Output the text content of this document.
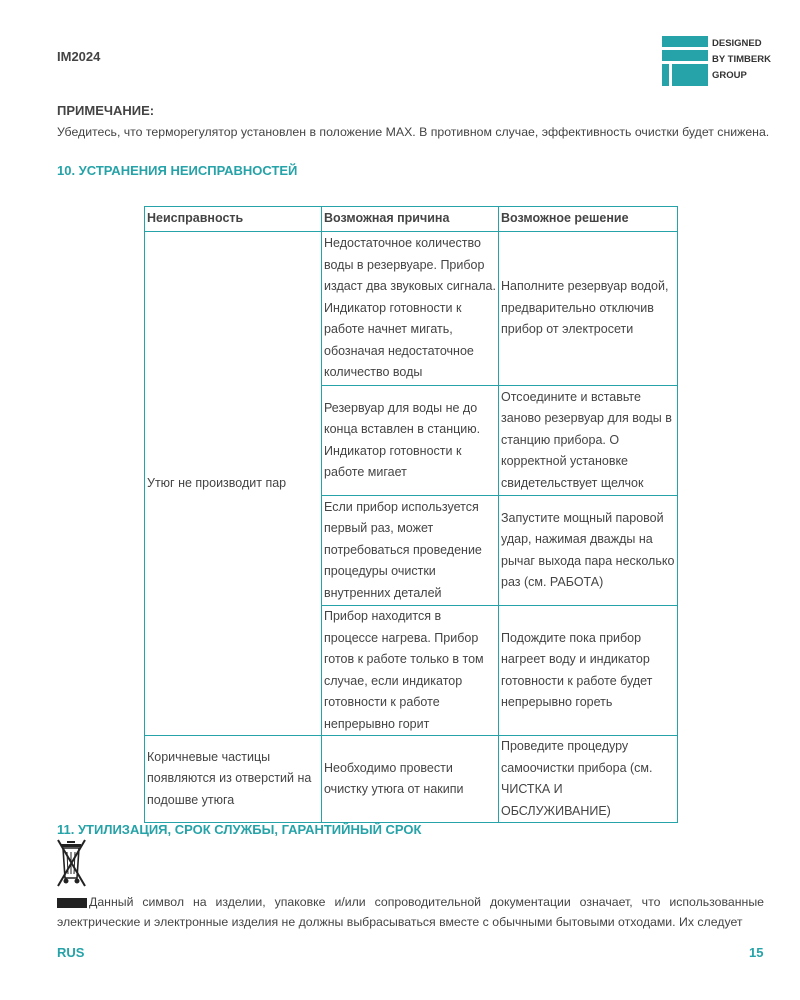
IM2024
DESIGNED
BY TIMBERK
GROUP
ПРИМЕЧАНИЕ:
Убедитесь, что терморегулятор установлен в положение MAX. В противном случае, эффективность очистки будет снижена.
10. УСТРАНЕНИЯ НЕИСПРАВНОСТЕЙ
Неисправность	Возможная причина	Возможное решение
Утюг не производит пар	Недостаточное количество воды в резервуаре. Прибор издаст два звуковых сигнала. Индикатор готовности к работе начнет мигать, обозначая недостаточное количество воды	Наполните резервуар водой, предварительно отключив прибор от электросети
	Резервуар для воды не до конца вставлен в станцию. Индикатор готовности к работе мигает	Отсоедините и вставьте заново резервуар для воды в станцию прибора. О корректной установке свидетельствует щелчок
	Если прибор используется первый раз, может потребоваться проведение процедуры очистки внутренних деталей	Запустите мощный паровой удар, нажимая дважды на рычаг выхода пара несколько раз (см. РАБОТА)
	Прибор находится в процессе нагрева. Прибор готов к работе только в том случае, если индикатор готовности к работе непрерывно горит	Подождите пока прибор нагреет воду и индикатор готовности к работе будет непрерывно гореть
Коричневые частицы появляются из отверстий на подошве утюга	Необходимо провести очистку утюга от накипи	Проведите процедуру самоочистки прибора (см. ЧИСТКА И ОБСЛУЖИВАНИЕ)
11. УТИЛИЗАЦИЯ, СРОК СЛУЖБЫ, ГАРАНТИЙНЫЙ СРОК
Данный символ на изделии, упаковке и/или сопроводительной документации означает, что использованные электрические и электронные изделия не должны выбрасываться вместе с обычными бытовыми отходами. Их следует
RUS	15
